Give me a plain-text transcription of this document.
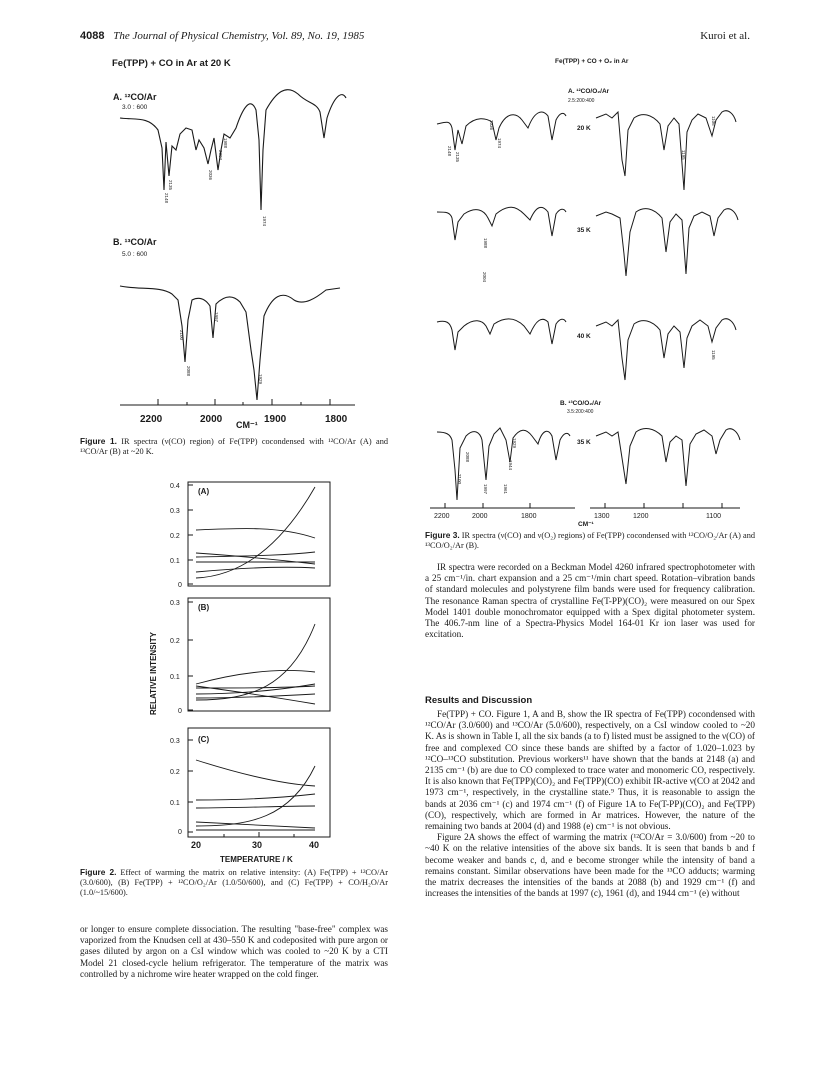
4088 The Journal of Physical Chemistry, Vol. 89, No. 19, 1985	Kuroi et al.
Fe(TPP) + CO in Ar at 20 K
A. ¹²CO/Ar
3.0 : 600
B. ¹³CO/Ar
5.0 : 600
2148
2135
2036
2004
1988
1974
2100
2088
1997
1929
2200	2000	1900	1800
CM⁻¹
Figure 1. IR spectra (ν(CO) region) of Fe(TPP) cocondensed with ¹²CO/Ar (A) and ¹³CO/Ar (B) at ~20 K.
0.4
0.3
0.2
0.1
0
0.3
0.2
0.1
0
0.3
0.2
0.1
0
(A)
(B)
(C)
20	30	40
TEMPERATURE / K
RELATIVE INTENSITY
Figure 2. Effect of warming the matrix on relative intensity: (A) Fe(TPP) + ¹²CO/Ar (3.0/600), (B) Fe(TPP) + ¹²CO/O₂/Ar (1.0/50/600), and (C) Fe(TPP) + CO/H₂O/Ar (1.0/~15/600).
or longer to ensure complete dissociation. The resulting "base-free" complex was vaporized from the Knudsen cell at 430–550 K and codeposited with pure argon or gases diluted by argon on a CsI window which was cooled to ~20 K by a CTI Model 21 closed-cycle helium refrigerator. The temperature of the matrix was controlled by a nichrome wire heater wrapped on the cold finger.
Fe(TPP) + CO + O₂ in Ar
A. ¹²CO/O₂/Ar
2.5:200:400
B. ¹³CO/O₂/Ar
3.5:200:400
20 K
35 K
40 K
35 K
2148
2135
2036
1974
1195
1106
1988
2004
1195
2088
2100
1997	1961
1944
1929
2200	2000	1800	1300	1200	1100
CM⁻¹
Figure 3. IR spectra (ν(CO) and ν(O₂) regions) of Fe(TPP) cocondensed with ¹²CO/O₂/Ar (A) and ¹³CO/O₂/Ar (B).

IR spectra were recorded on a Beckman Model 4260 infrared spectrophotometer with a 25 cm⁻¹/in. chart expansion and a 25 cm⁻¹/min chart speed. Rotation–vibration bands of standard molecules and polystyrene film bands were used for frequency calibration. The resonance Raman spectra of crystalline Fe(T-PP)(CO)₂ were measured on our Spex Model 1401 double monochromator equipped with a Spex digital photometer system. The 406.7-nm line of a Spectra-Physics Model 164-01 Kr ion laser was used for excitation.

Results and Discussion

Fe(TPP) + CO. Figure 1, A and B, show the IR spectra of Fe(TPP) cocondensed with ¹²CO/Ar (3.0/600) and ¹³CO/Ar (5.0/600), respectively, on a CsI window cooled to ~20 K. As is shown in Table I, all the six bands (a to f) listed must be assigned to the ν(CO) of free and complexed CO since these bands are shifted by a factor of 1.020–1.023 by ¹²CO–¹³CO substitution. Previous workers¹¹ have shown that the bands at 2148 (a) and 2135 cm⁻¹ (b) are due to CO complexed to trace water and monomeric CO, respectively. It is also known that Fe(TPP)(CO)₂ and Fe(TPP)(CO) exhibit IR-active ν(CO at 2042 and 1973 cm⁻¹, respectively, in the crystalline state.⁹ Thus, it is reasonable to assign the bands at 2036 cm⁻¹ (c) and 1974 cm⁻¹ (f) of Figure 1A to Fe(T-PP)(CO)₂ and Fe(TPP)(CO), respectively, which are formed in Ar matrices. However, the nature of the remaining two bands at 2004 (d) and 1988 (e) cm⁻¹ is not obvious.

Figure 2A shows the effect of warming the matrix (¹²CO/Ar = 3.0/600) from ~20 to ~40 K on the relative intensities of the above six bands. It is seen that bands b and f become weaker and bands c, d, and e become stronger while the intensity of band a remains constant. Similar observations have been made for the ¹³CO adducts; warming the matrix decreases the intensities of the bands at 2088 (b) and 1929 cm⁻¹ (f) and increases the intensities of the bands at 1997 (c), 1961 (d), and 1944 cm⁻¹ (e) without
